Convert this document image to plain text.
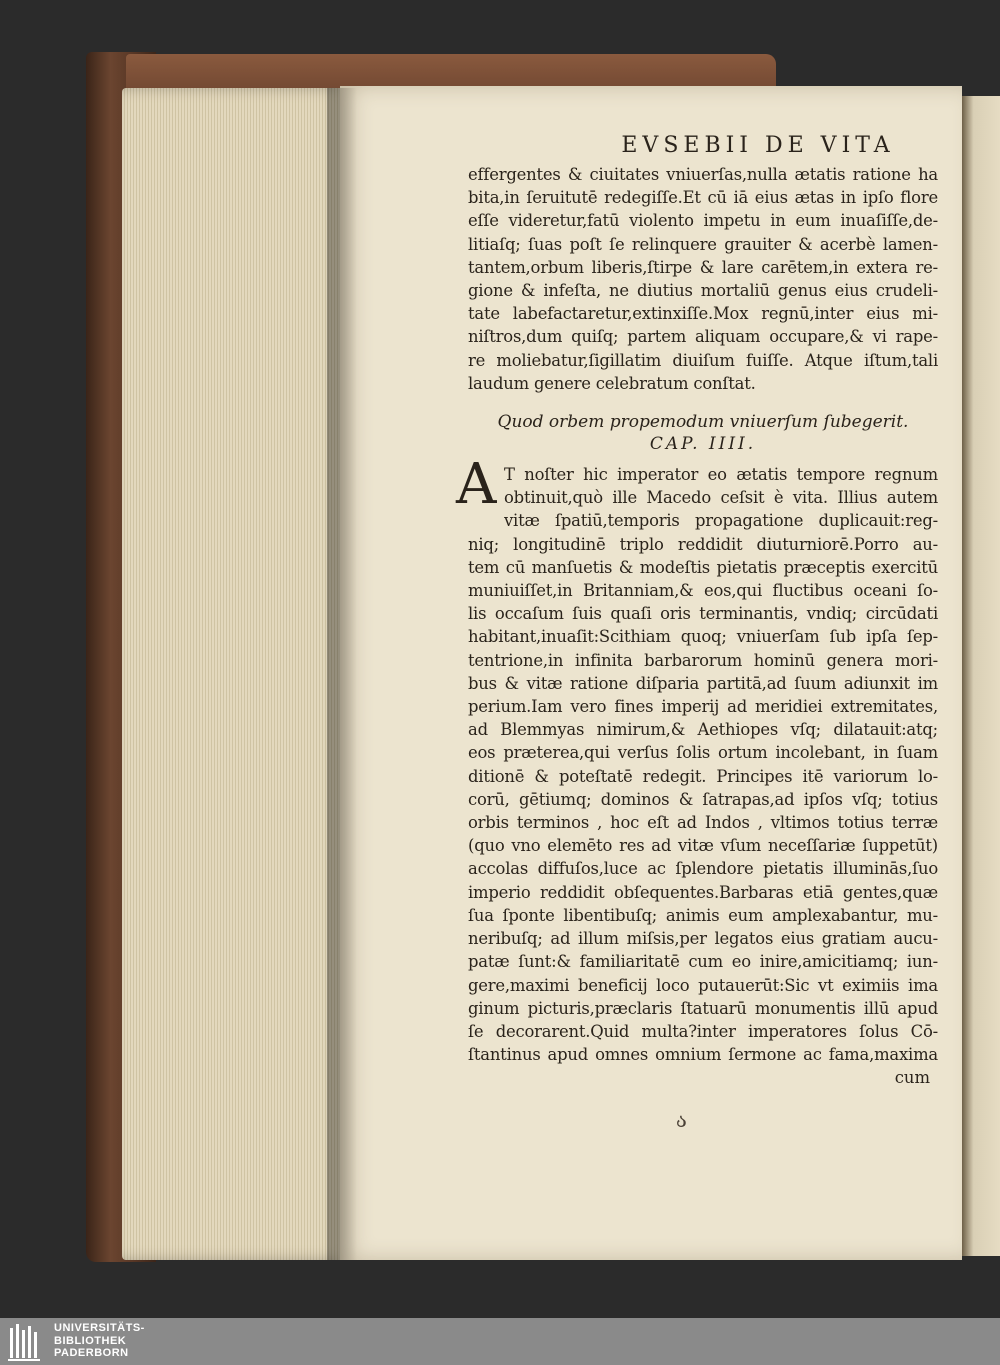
EVSEBII DE VITA
effergentes & ciuitates vniuerſas,nulla ætatis ratione ha
bita,in ſeruitutē redegiſſe.Et cū iā eius ætas in ipſo flore
eſſe videretur,fatū violento impetu in eum inuaſiſſe,de-
litiaſq; ſuas poſt ſe relinquere grauiter & acerbè lamen-
tantem,orbum liberis,ſtirpe & lare carētem,in extera re-
gione & infeſta, ne diutius mortaliū genus eius crudeli-
tate labefactaretur,extinxiſſe.Mox regnū,inter eius mi-
niſtros,dum quiſq; partem aliquam occupare,& vi rape-
re moliebatur,ſigillatim diuiſum fuiſſe. Atque iſtum,tali
laudum genere celebratum conſtat.
Quod orbem propemodum vniuerſum ſubegerit.
CAP. IIII.
A T noſter hic imperator eo ætatis tempore regnum
obtinuit,quò ille Macedo ceſsit è vita. Illius autem
vitæ ſpatiū,temporis propagatione duplicauit:reg-
niq; longitudinē triplo reddidit diuturniorē.Porro au-
tem cū manſuetis & modeſtis pietatis præceptis exercitū
muniuiſſet,in Britanniam,& eos,qui fluctibus oceani ſo-
lis occaſum ſuis quaſi oris terminantis, vndiq; circūdati
habitant,inuaſit:Scithiam quoq; vniuerſam ſub ipſa ſep-
tentrione,in infinita barbarorum hominū genera mori-
bus & vitæ ratione diſparia partitā,ad ſuum adiunxit im
perium.Iam vero fines imperij ad meridiei extremitates,
ad Blemmyas nimirum,& Aethiopes vſq; dilatauit:atq;
eos præterea,qui verſus ſolis ortum incolebant, in ſuam
ditionē & poteſtatē redegit. Principes itē variorum lo-
corū, gētiumq; dominos & ſatrapas,ad ipſos vſq; totius
orbis terminos , hoc eſt ad Indos , vltimos totius terræ
(quo vno elemēto res ad vitæ vſum neceſſariæ ſuppetūt)
accolas diffuſos,luce ac ſplendore pietatis illuminās,ſuo
imperio reddidit obſequentes.Barbaras etiā gentes,quæ
ſua ſponte libentibuſq; animis eum amplexabantur, mu-
neribuſq; ad illum miſsis,per legatos eius gratiam aucu-
patæ ſunt:& familiaritatē cum eo inire,amicitiamq; iun-
gere,maximi beneficij loco putauerūt:Sic vt eximiis ima
ginum picturis,præclaris ſtatuarū monumentis illū apud
ſe decorarent.Quid multa?inter imperatores ſolus Cō-
ſtantinus apud omnes omnium ſermone ac fama,maxima
cum
ა
UNIVERSITÄTS-
BIBLIOTHEK
PADERBORN
